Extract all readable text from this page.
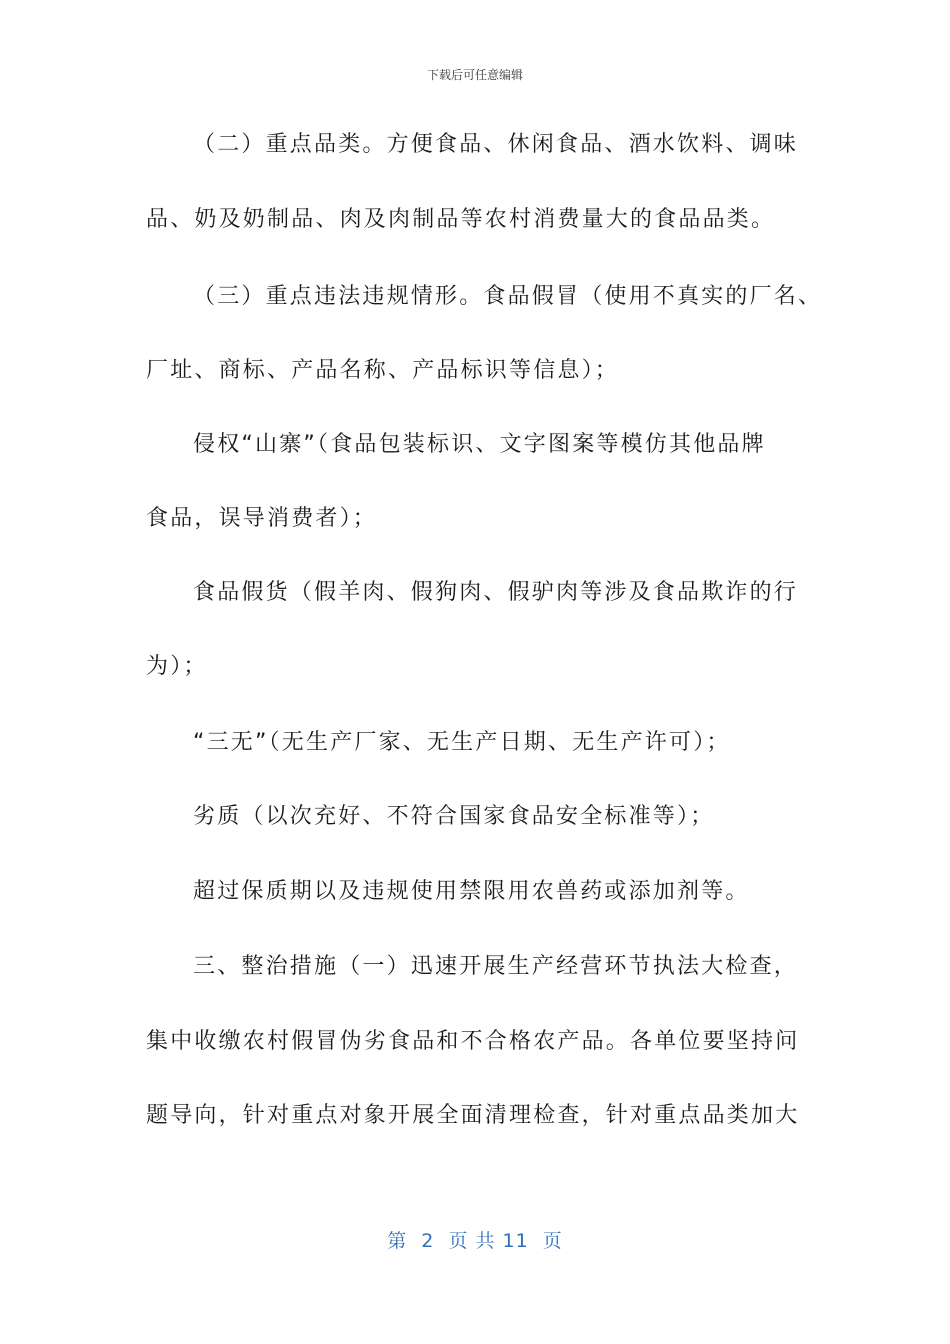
下载后可任意编辑
（二）重点品类。方便食品、休闲食品、酒水饮料、调味
品、奶及奶制品、肉及肉制品等农村消费量大的食品品类。
（三）重点违法违规情形。食品假冒（使用不真实的厂名、
厂址、商标、产品名称、产品标识等信息）；
侵权“山寨”（食品包装标识、文字图案等模仿其他品牌
食品，误导消费者）；
食品假货（假羊肉、假狗肉、假驴肉等涉及食品欺诈的行
为）；
“三无”（无生产厂家、无生产日期、无生产许可）；
劣质（以次充好、不符合国家食品安全标准等）；
超过保质期以及违规使用禁限用农兽药或添加剂等。
三、整治措施（一）迅速开展生产经营环节执法大检查，
集中收缴农村假冒伪劣食品和不合格农产品。各单位要坚持问
题导向，针对重点对象开展全面清理检查，针对重点品类加大
第  2  页 共 11  页
